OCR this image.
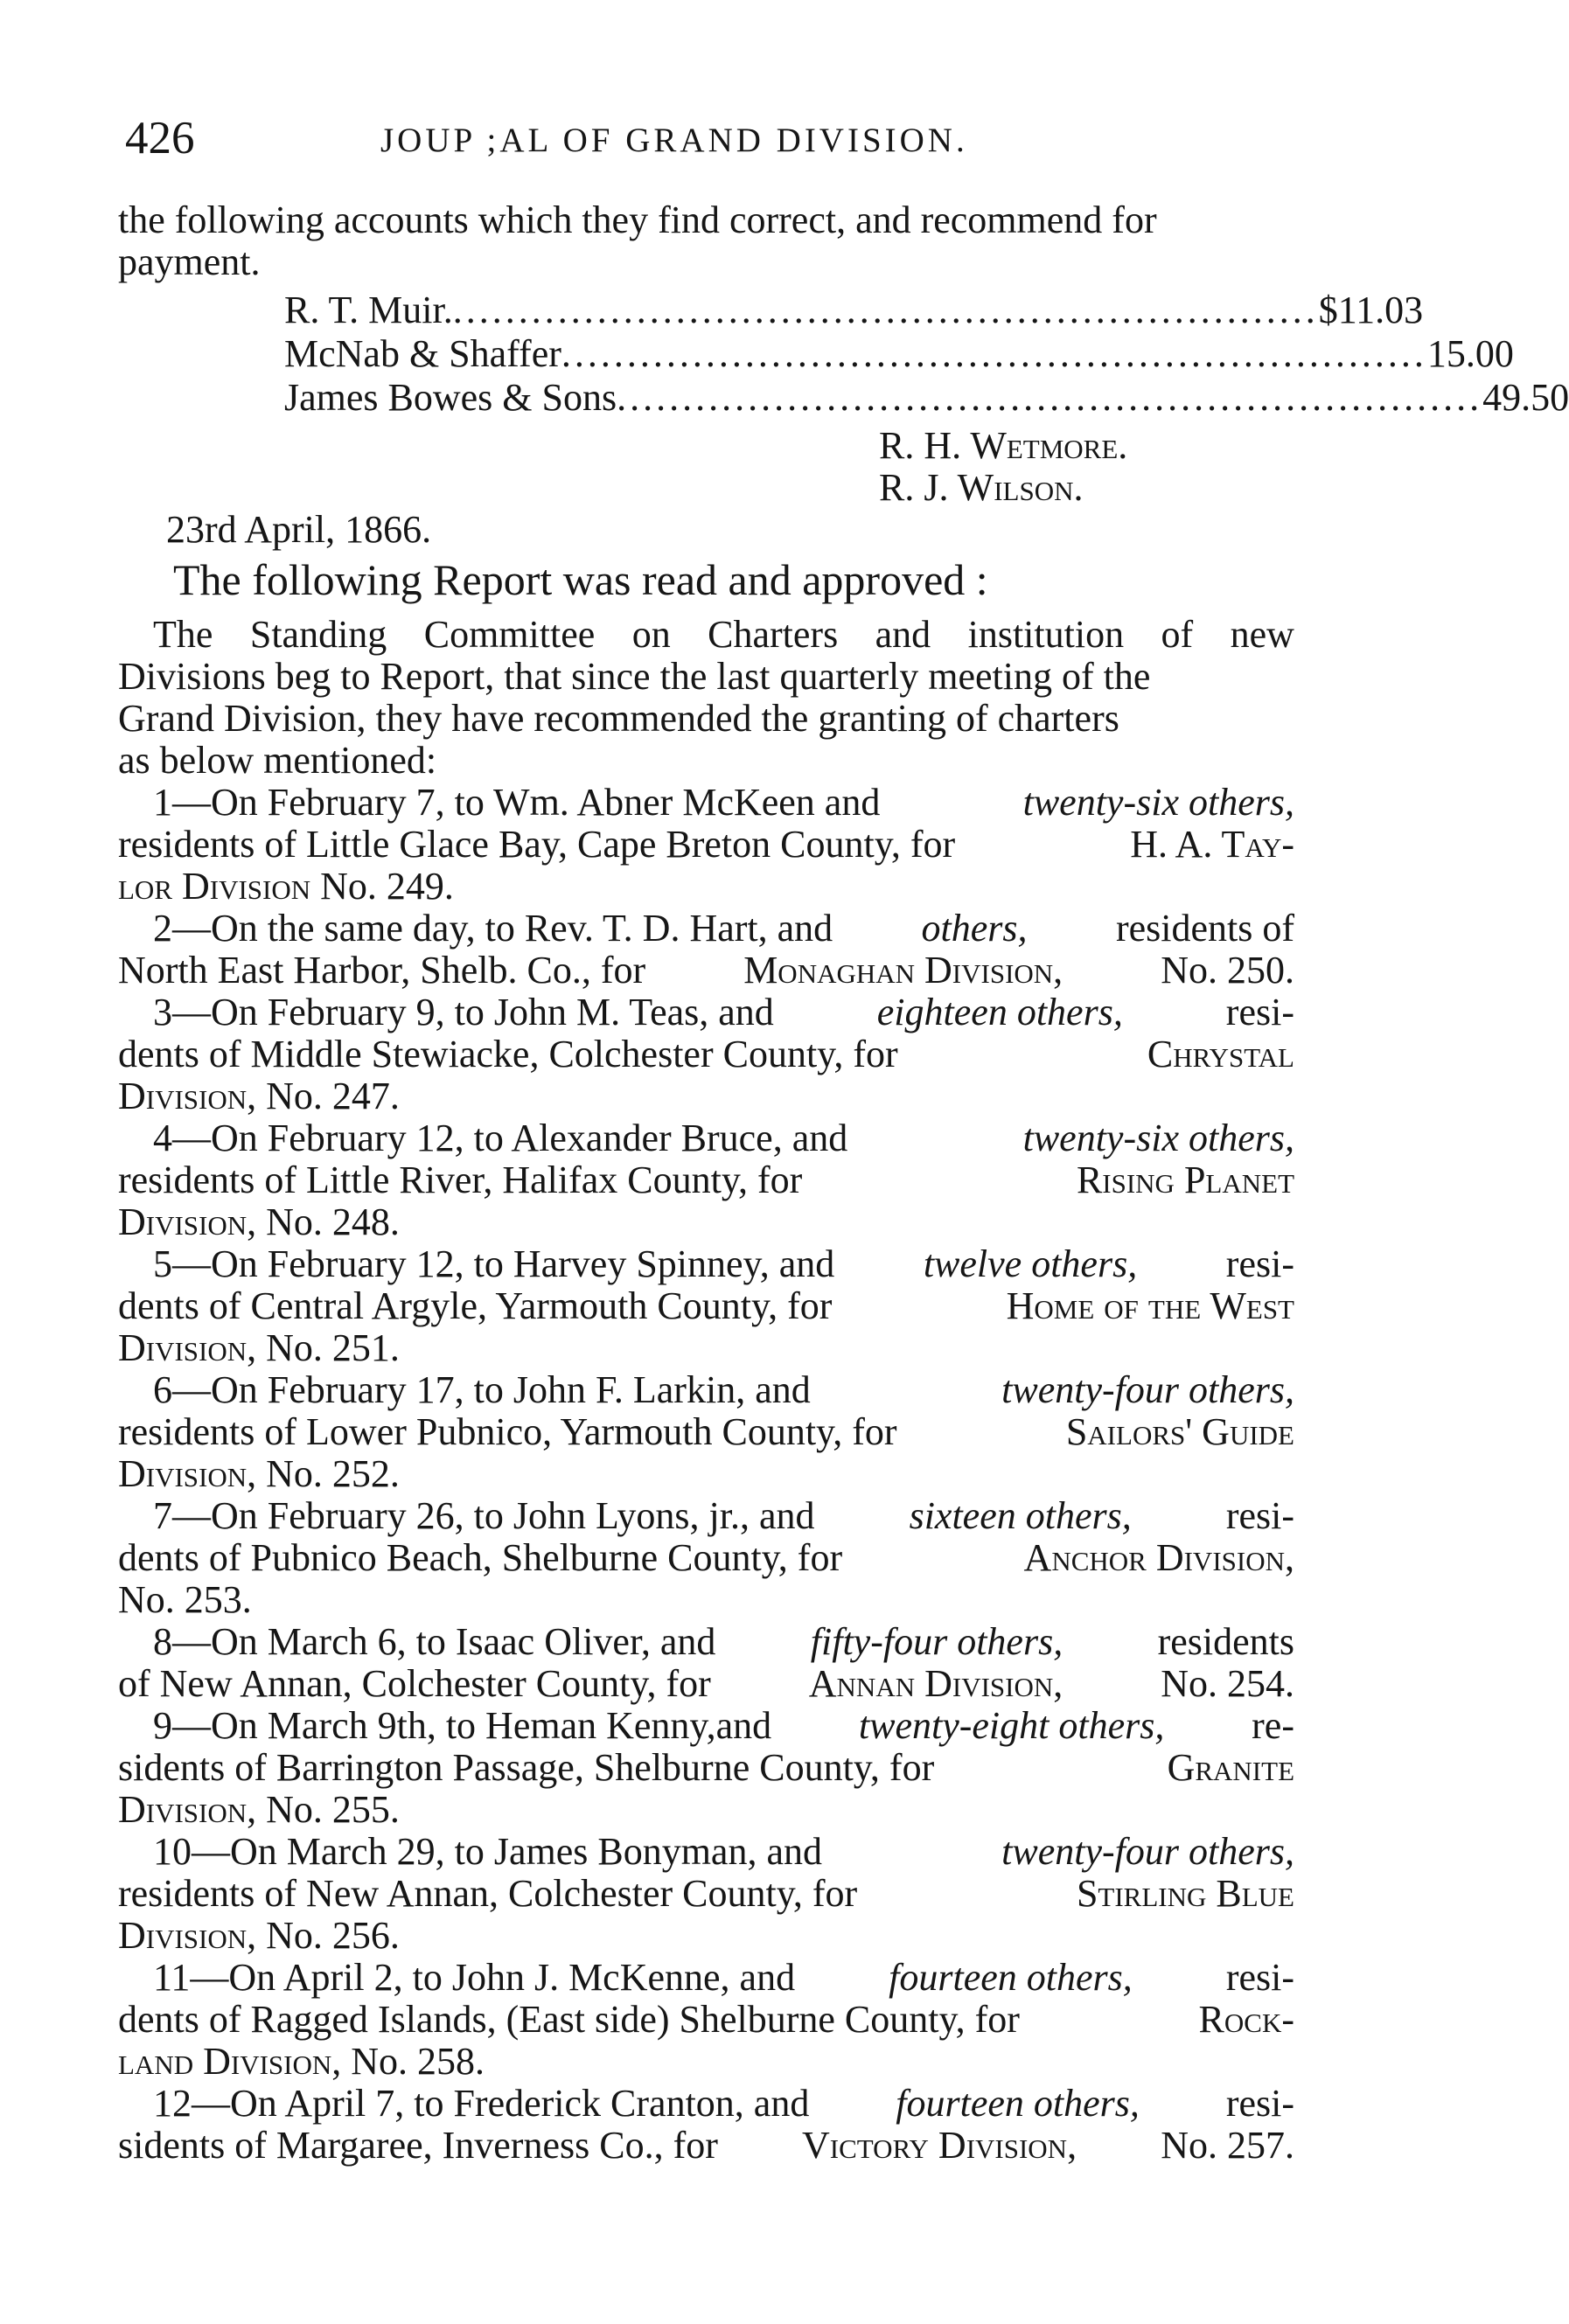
426	JOUP ;AL OF GRAND DIVISION.
the following accounts which they find correct, and recommend for
payment.
R. T. Muir. .................................................................. $11.03
McNab & Shaffer .................................................................. 15.00
James Bowes & Sons .................................................................. 49.50
R. H. Wetmore.
R. J. Wilson.
23rd April, 1866.
The following Report was read and approved :
The Standing Committee on Charters and institution of new
Divisions beg to Report, that since the last quarterly meeting of the
Grand Division, they have recommended the granting of charters
as below mentioned:
1—On February 7, to Wm. Abner McKeen and	twenty-six others,
residents of Little Glace Bay, Cape Breton County, for	H. A. Tay-
lor Division No. 249.
2—On the same day, to Rev. T. D. Hart, and others, residents of
North East Harbor, Shelb. Co., for	Monaghan Division,	No. 250.
3—On February 9, to John M. Teas, and	eighteen others,	resi-
dents of Middle Stewiacke, Colchester County, for	Chrystal
Division, No. 247.
4—On February 12, to Alexander Bruce, and	twenty-six others,
residents of Little River, Halifax County, for	Rising Planet
Division, No. 248.
5—On February 12, to Harvey Spinney, and twelve others, resi-
dents of Central Argyle, Yarmouth County, for	Home of the West
Division, No. 251.
6—On February 17, to John F. Larkin, and	twenty-four others,
residents of Lower Pubnico, Yarmouth County, for	Sailors' Guide
Division, No. 252.
7—On February 26, to John Lyons, jr., and sixteen others, resi-
dents of Pubnico Beach, Shelburne County, for	Anchor Division,
No. 253.
8—On March 6, to Isaac Oliver, and fifty-four others, residents
of New Annan, Colchester County, for	Annan Division,	No. 254.
9—On March 9th, to Heman Kenny,and twenty-eight others, re-
sidents of Barrington Passage, Shelburne County, for	Granite
Division, No. 255.
10—On March 29, to James Bonyman, and	twenty-four others,
residents of New Annan, Colchester County, for	Stirling Blue
Division, No. 256.
11—On April 2, to John J. McKenne, and fourteen others, resi-
dents of Ragged Islands, (East side) Shelburne County, for	Rock-
land Division, No. 258.
12—On April 7, to Frederick Cranton, and fourteen others, resi-
sidents of Margaree, Inverness Co., for Victory Division, No. 257.
